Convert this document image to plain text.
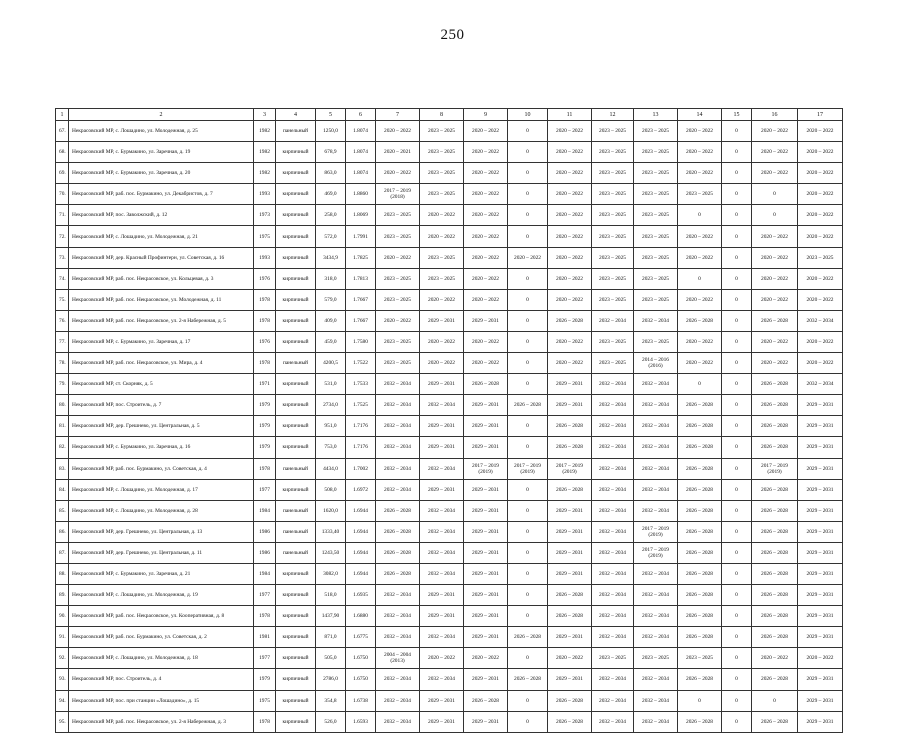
250
1	2	3	4	5	6	7	8	9	10	11	12	13	14	15	16	17
67.	Некрасовский МР, с. Лошадино, ул. Молодежная, д. 25	1982	панельный	1250,0	1.8074	2020 – 2022	2023 – 2025	2020 – 2022	0	2020 – 2022	2023 – 2025	2023 – 2025	2020 – 2022	0	2020 – 2022	2020 – 2022
68.	Некрасовский МР, с. Бурмакино, ул. Заречная, д. 19	1982	кирпичный	678,9	1.8074	2020 – 2021	2023 – 2025	2020 – 2022	0	2020 – 2022	2023 – 2025	2023 – 2025	2020 – 2022	0	2020 – 2022	2020 – 2022
69.	Некрасовский МР, с. Бурмакино, ул. Заречная, д. 20	1982	кирпичный	863,0	1.8074	2020 – 2022	2023 – 2025	2020 – 2022	0	2020 – 2022	2023 – 2025	2023 – 2025	2020 – 2022	0	2020 – 2022	2020 – 2022
70.	Некрасовский МР, раб. пос. Бурмакино, ул. Декабристов, д. 7	1993	кирпичный	469,0	1.8860	2017 – 2019 (2018)	2023 – 2025	2020 – 2022	0	2020 – 2022	2023 – 2025	2023 – 2025	2023 – 2025	0	0	2020 – 2022
71.	Некрасовский МР, пос. Заволжский, д. 12	1973	кирпичный	258,0	1.8069	2023 – 2025	2020 – 2022	2020 – 2022	0	2020 – 2022	2023 – 2025	2023 – 2025	0	0	0	2020 – 2022
72.	Некрасовский МР, с. Лошадино, ул. Молодежная, д. 21	1975	кирпичный	572,0	1.7991	2023 – 2025	2020 – 2022	2020 – 2022	0	2020 – 2022	2023 – 2025	2023 – 2025	2020 – 2022	0	2020 – 2022	2020 – 2022
73.	Некрасовский МР, дер. Красный Профинтерн, ул. Советская, д. 16	1993	кирпичный	3434,9	1.7825	2020 – 2022	2023 – 2025	2020 – 2022	2020 – 2022	2020 – 2022	2023 – 2025	2023 – 2025	2020 – 2022	0	2020 – 2022	2023 – 2025
74.	Некрасовский МР, раб. пос. Некрасовское, ул. Кольцевая, д. 3	1976	кирпичный	318,0	1.7813	2023 – 2025	2023 – 2025	2020 – 2022	0	2020 – 2022	2023 – 2025	2023 – 2025	0	0	2020 – 2022	2020 – 2022
75.	Некрасовский МР, раб. пос. Некрасовское, ул. Молодежная, д. 11	1978	кирпичный	579,0	1.7667	2023 – 2025	2020 – 2022	2020 – 2022	0	2020 – 2022	2023 – 2025	2023 – 2025	2020 – 2022	0	2020 – 2022	2020 – 2022
76.	Некрасовский МР, раб. пос. Некрасовское, ул. 2-я Набережная, д. 5	1978	кирпичный	409,0	1.7667	2020 – 2022	2029 – 2031	2029 – 2031	0	2026 – 2028	2032 – 2034	2032 – 2034	2026 – 2028	0	2026 – 2028	2032 – 2034
77.	Некрасовский МР, с. Бурмакино, ул. Заречная, д. 17	1976	кирпичный	459,0	1.7580	2023 – 2025	2020 – 2022	2020 – 2022	0	2020 – 2022	2023 – 2025	2023 – 2025	2020 – 2022	0	2020 – 2022	2020 – 2022
78.	Некрасовский МР, раб. пос. Некрасовское, ул. Мира, д. 4	1978	панельный	4200,5	1.7522	2023 – 2025	2020 – 2022	2020 – 2022	0	2020 – 2022	2023 – 2025	2014 – 2016 (2016)	2020 – 2022	0	2020 – 2022	2020 – 2022
79.	Некрасовский МР, ст. Скорняк, д. 5	1971	кирпичный	531,0	1.7533	2032 – 2034	2029 – 2031	2026 – 2028	0	2029 – 2031	2032 – 2034	2032 – 2034	0	0	2026 – 2028	2032 – 2034
80.	Некрасовский МР, пос. Строитель, д. 7	1979	кирпичный	2734,0	1.7525	2032 – 2034	2032 – 2034	2029 – 2031	2026 – 2028	2029 – 2031	2032 – 2034	2032 – 2034	2026 – 2028	0	2026 – 2028	2029 – 2031
81.	Некрасовский МР, дер. Грешнево, ул. Центральная, д. 5	1979	кирпичный	951,0	1.7176	2032 – 2034	2029 – 2031	2029 – 2031	0	2026 – 2028	2032 – 2034	2032 – 2034	2026 – 2028	0	2026 – 2028	2029 – 2031
82.	Некрасовский МР, с. Бурмакино, ул. Заречная, д. 16	1979	кирпичный	753,0	1.7176	2032 – 2034	2029 – 2031	2029 – 2031	0	2026 – 2028	2032 – 2034	2032 – 2034	2026 – 2028	0	2026 – 2028	2029 – 2031
83.	Некрасовский МР, раб. пос. Бурмакино, ул. Советская, д. 4	1978	панельный	4434,0	1.7002	2032 – 2034	2032 – 2034	2017 – 2019 (2019)	2017 – 2019 (2019)	2017 – 2019 (2019)	2032 – 2034	2032 – 2034	2026 – 2028	0	2017 – 2019 (2019)	2029 – 2031
84.	Некрасовский МР, с. Лошадино, ул. Молодежная, д. 17	1977	кирпичный	508,0	1.6972	2032 – 2034	2029 – 2031	2029 – 2031	0	2026 – 2028	2032 – 2034	2032 – 2034	2026 – 2028	0	2026 – 2028	2029 – 2031
85.	Некрасовский МР, с. Лошадино, ул. Молодежная, д. 28	1984	панельный	1620,0	1.6944	2026 – 2028	2032 – 2034	2029 – 2031	0	2029 – 2031	2032 – 2034	2032 – 2034	2026 – 2028	0	2026 – 2028	2029 – 2031
86.	Некрасовский МР, дер. Грешнево, ул. Центральная, д. 13	1986	панельный	1333,40	1.6944	2026 – 2028	2032 – 2034	2029 – 2031	0	2029 – 2031	2032 – 2034	2017 – 2019 (2019)	2026 – 2028	0	2026 – 2028	2029 – 2031
87.	Некрасовский МР, дер. Грешнево, ул. Центральная, д. 11	1986	панельный	1243,50	1.6944	2026 – 2028	2032 – 2034	2029 – 2031	0	2029 – 2031	2032 – 2034	2017 – 2019 (2019)	2026 – 2028	0	2026 – 2028	2029 – 2031
88.	Некрасовский МР, с. Бурмакино, ул. Заречная, д. 21	1984	кирпичный	3082,0	1.6944	2026 – 2028	2032 – 2034	2029 – 2031	0	2029 – 2031	2032 – 2034	2032 – 2034	2026 – 2028	0	2026 – 2028	2029 – 2031
89.	Некрасовский МР, с. Лошадино, ул. Молодежная, д. 19	1977	кирпичный	518,0	1.6935	2032 – 2034	2029 – 2031	2029 – 2031	0	2026 – 2028	2032 – 2034	2032 – 2034	2026 – 2028	0	2026 – 2028	2029 – 2031
90.	Некрасовский МР, раб. пос. Некрасовское, ул. Кооперативная, д. 8	1978	кирпичный	1437,90	1.6880	2032 – 2034	2029 – 2031	2029 – 2031	0	2026 – 2028	2032 – 2034	2032 – 2034	2026 – 2028	0	2026 – 2028	2029 – 2031
91.	Некрасовский МР, раб. пос. Бурмакино, ул. Советская, д. 2	1981	кирпичный	871,0	1.6775	2032 – 2034	2032 – 2034	2029 – 2031	2026 – 2028	2029 – 2031	2032 – 2034	2032 – 2034	2026 – 2028	0	2026 – 2028	2029 – 2031
92.	Некрасовский МР, с. Лошадино, ул. Молодежная, д. 18	1977	кирпичный	505,0	1.6750	2004 – 2004 (2013)	2020 – 2022	2020 – 2022	0	2020 – 2022	2023 – 2025	2023 – 2025	2023 – 2025	0	2020 – 2022	2020 – 2022
93.	Некрасовский МР, пос. Строитель, д. 4	1979	кирпичный	2786,0	1.6750	2032 – 2034	2032 – 2034	2029 – 2031	2026 – 2028	2029 – 2031	2032 – 2034	2032 – 2034	2026 – 2028	0	2026 – 2028	2029 – 2031
94.	Некрасовский МР, пос. при станции «Лошадино», д. 15	1975	кирпичный	354,8	1.6738	2032 – 2034	2029 – 2031	2026 – 2028	0	2026 – 2028	2032 – 2034	2032 – 2034	0	0	0	2029 – 2031
95.	Некрасовский МР, раб. пос. Некрасовское, ул. 2-я Набережная, д. 3	1978	кирпичный	526,0	1.6593	2032 – 2034	2029 – 2031	2029 – 2031	0	2026 – 2028	2032 – 2034	2032 – 2034	2026 – 2028	0	2026 – 2028	2029 – 2031
